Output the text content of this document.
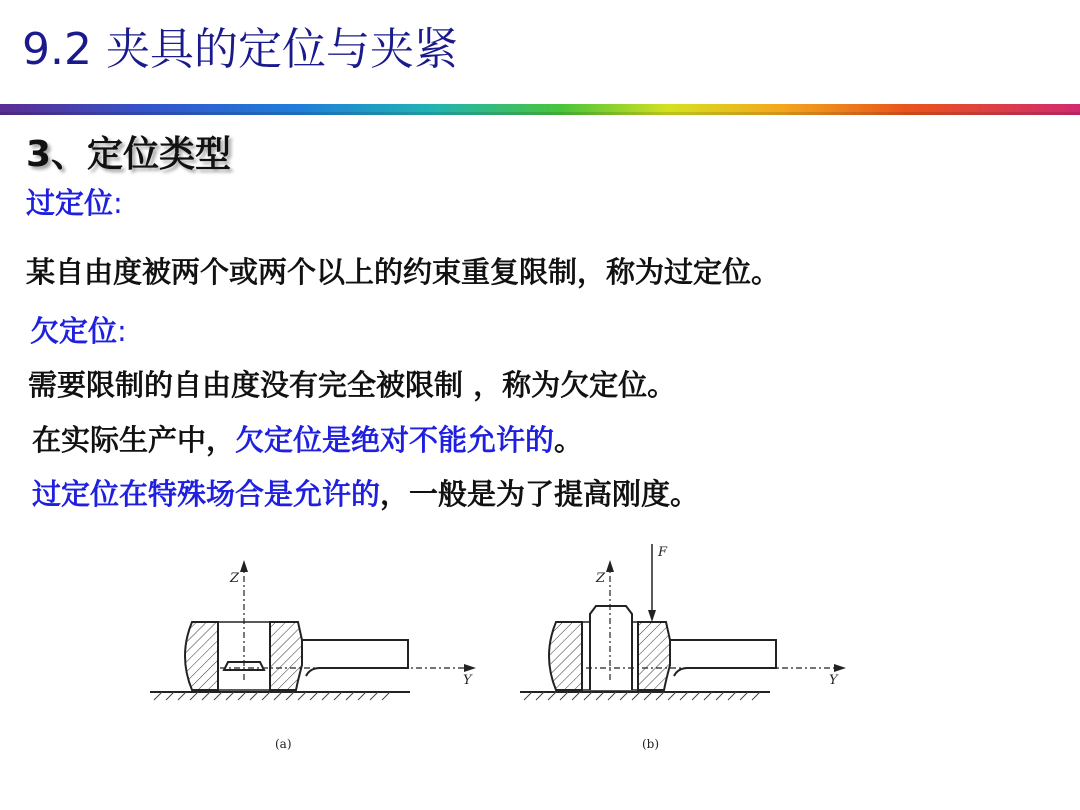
9.2 夹具的定位与夹紧
3、定位类型
过定位:
某自由度被两个或两个以上的约束重复限制，称为过定位。
欠定位:
需要限制的自由度没有完全被限制 ，称为欠定位。
在实际生产中，欠定位是绝对不能允许的。
过定位在特殊场合是允许的，一般是为了提高刚度。
Z
Y
(a)
Z
F
Y
(b)
